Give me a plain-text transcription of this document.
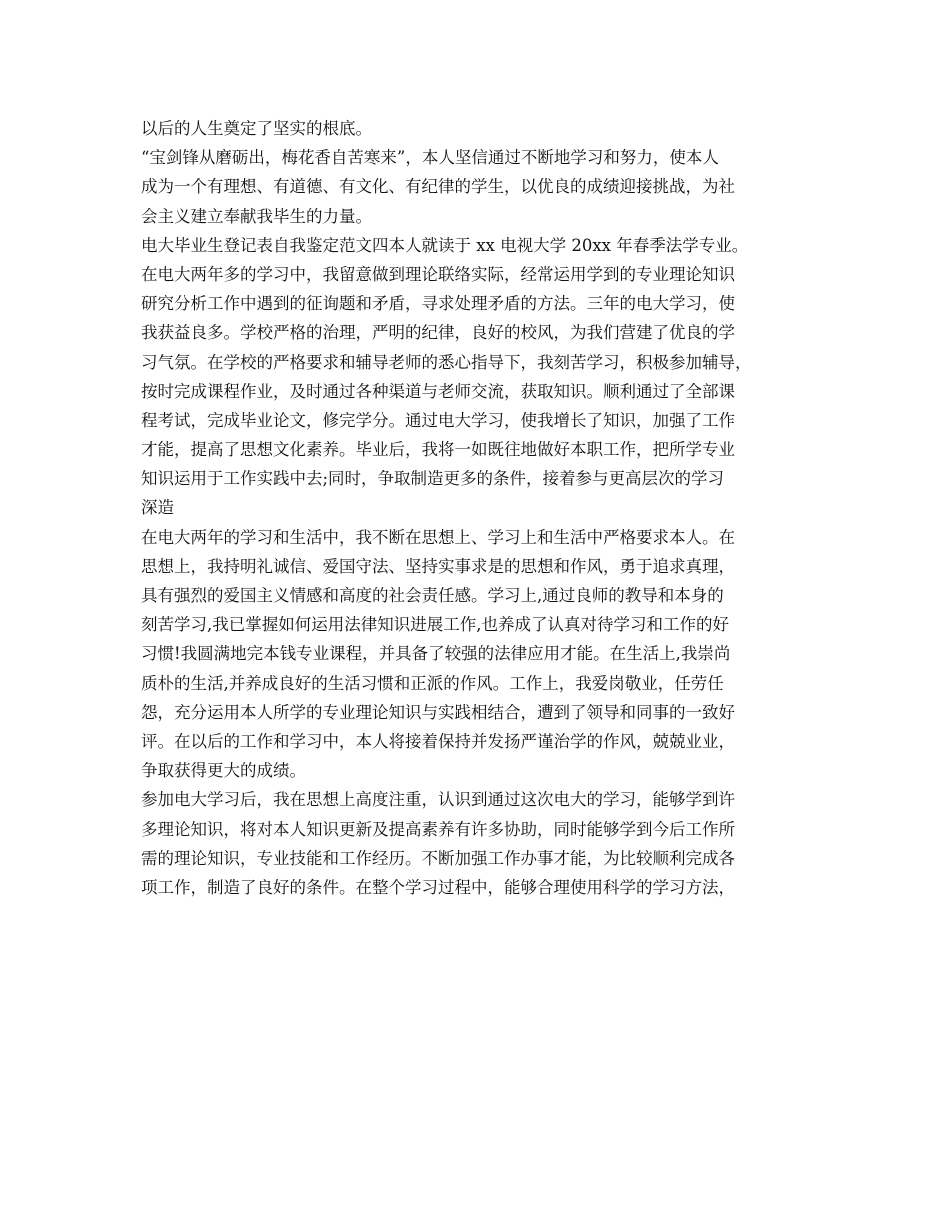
以后的人生奠定了坚实的根底。
“宝剑锋从磨砺出，梅花香自苦寒来”，本人坚信通过不断地学习和努力，使本人
成为一个有理想、有道德、有文化、有纪律的学生，以优良的成绩迎接挑战，为社
会主义建立奉献我毕生的力量。
电大毕业生登记表自我鉴定范文四本人就读于 xx 电视大学 20xx 年春季法学专业。
在电大两年多的学习中，我留意做到理论联络实际，经常运用学到的专业理论知识
研究分析工作中遇到的征询题和矛盾，寻求处理矛盾的方法。三年的电大学习，使
我获益良多。学校严格的治理，严明的纪律，良好的校风，为我们营建了优良的学
习气氛。在学校的严格要求和辅导老师的悉心指导下，我刻苦学习，积极参加辅导，
按时完成课程作业，及时通过各种渠道与老师交流，获取知识。顺利通过了全部课
程考试，完成毕业论文，修完学分。通过电大学习，使我增长了知识，加强了工作
才能，提高了思想文化素养。毕业后，我将一如既往地做好本职工作，把所学专业
知识运用于工作实践中去;同时，争取制造更多的条件，接着参与更高层次的学习
深造
在电大两年的学习和生活中，我不断在思想上、学习上和生活中严格要求本人。在
思想上，我持明礼诚信、爱国守法、坚持实事求是的思想和作风，勇于追求真理，
具有强烈的爱国主义情感和高度的社会责任感。学习上,通过良师的教导和本身的
刻苦学习,我已掌握如何运用法律知识进展工作,也养成了认真对待学习和工作的好
习惯!我圆满地完本钱专业课程，并具备了较强的法律应用才能。在生活上,我崇尚
质朴的生活,并养成良好的生活习惯和正派的作风。工作上，我爱岗敬业，任劳任
怨，充分运用本人所学的专业理论知识与实践相结合，遭到了领导和同事的一致好
评。在以后的工作和学习中，本人将接着保持并发扬严谨治学的作风，兢兢业业，
争取获得更大的成绩。
参加电大学习后，我在思想上高度注重，认识到通过这次电大的学习，能够学到许
多理论知识，将对本人知识更新及提高素养有许多协助，同时能够学到今后工作所
需的理论知识，专业技能和工作经历。不断加强工作办事才能，为比较顺利完成各
项工作，制造了良好的条件。在整个学习过程中，能够合理使用科学的学习方法，
